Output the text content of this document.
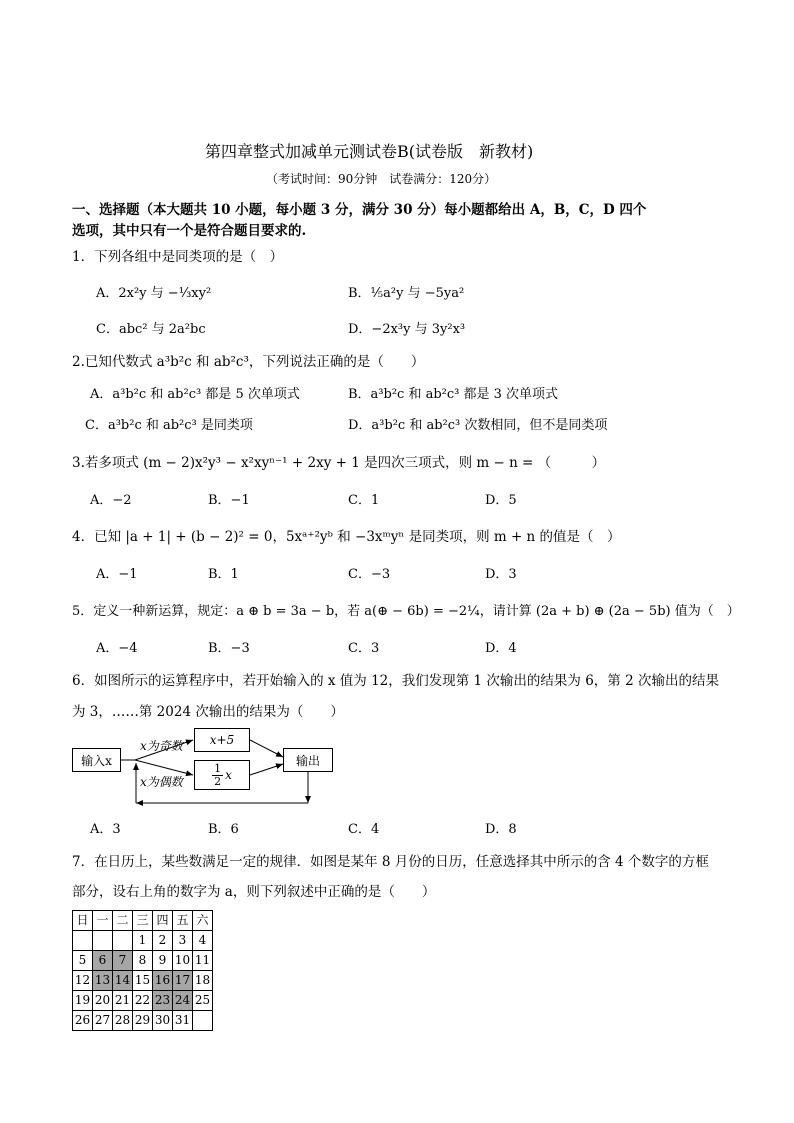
第四章整式加减单元测试卷B(试卷版　新教材)
（考试时间：90分钟　试卷满分：120分）
一、选择题（本大题共 10 小题，每小题 3 分，满分 30 分）每小题都给出 A，B，C，D 四个
选项，其中只有一个是符合题目要求的.
1．下列各组中是同类项的是（　）
A．2x²y 与 −⅓xy²	B．⅕a²y 与 −5ya²
C．abc² 与 2a²bc	D．−2x³y 与 3y²x³
2.已知代数式 a³b²c 和 ab²c³，下列说法正确的是（　　）
A．a³b²c 和 ab²c³ 都是 5 次单项式	B．a³b²c 和 ab²c³ 都是 3 次单项式
C．a³b²c 和 ab²c³ 是同类项	D．a³b²c 和 ab²c³ 次数相同，但不是同类项
3.若多项式 (m − 2)x²y³ − x²xyⁿ⁻¹ + 2xy + 1 是四次三项式，则 m − n = （　　　）
A．−2	B．−1	C．1	D．5
4．已知 |a + 1| + (b − 2)² = 0，5xᵃ⁺²yᵇ 和 −3xᵐyⁿ 是同类项，则 m + n 的值是（　）
A．−1	B．1	C．−3	D．3
5．定义一种新运算，规定：a ⊕ b = 3a − b，若 a(⊕ − 6b) = −2¼，请计算 (2a + b) ⊕ (2a − 5b) 值为（　）
A．−4	B．−3	C．3	D．4
6．如图所示的运算程序中，若开始输入的 x 值为 12，我们发现第 1 次输出的结果为 6，第 2 次输出的结果
为 3，……第 2024 次输出的结果为（　　）
输入x
x为奇数
x为偶数
x+5
$\frac{1}{2}$ x
输出
A．3	B．6	C．4	D．8
7．在日历上，某些数满足一定的规律．如图是某年 8 月份的日历，任意选择其中所示的含 4 个数字的方框
部分，设右上角的数字为 a，则下列叙述中正确的是（　　）
日	一	二	三	四	五	六
			1	2	3	4
5	6	7	8	9	10	11
12	13	14	15	16	17	18
19	20	21	22	23	24	25
26	27	28	29	30	31	
